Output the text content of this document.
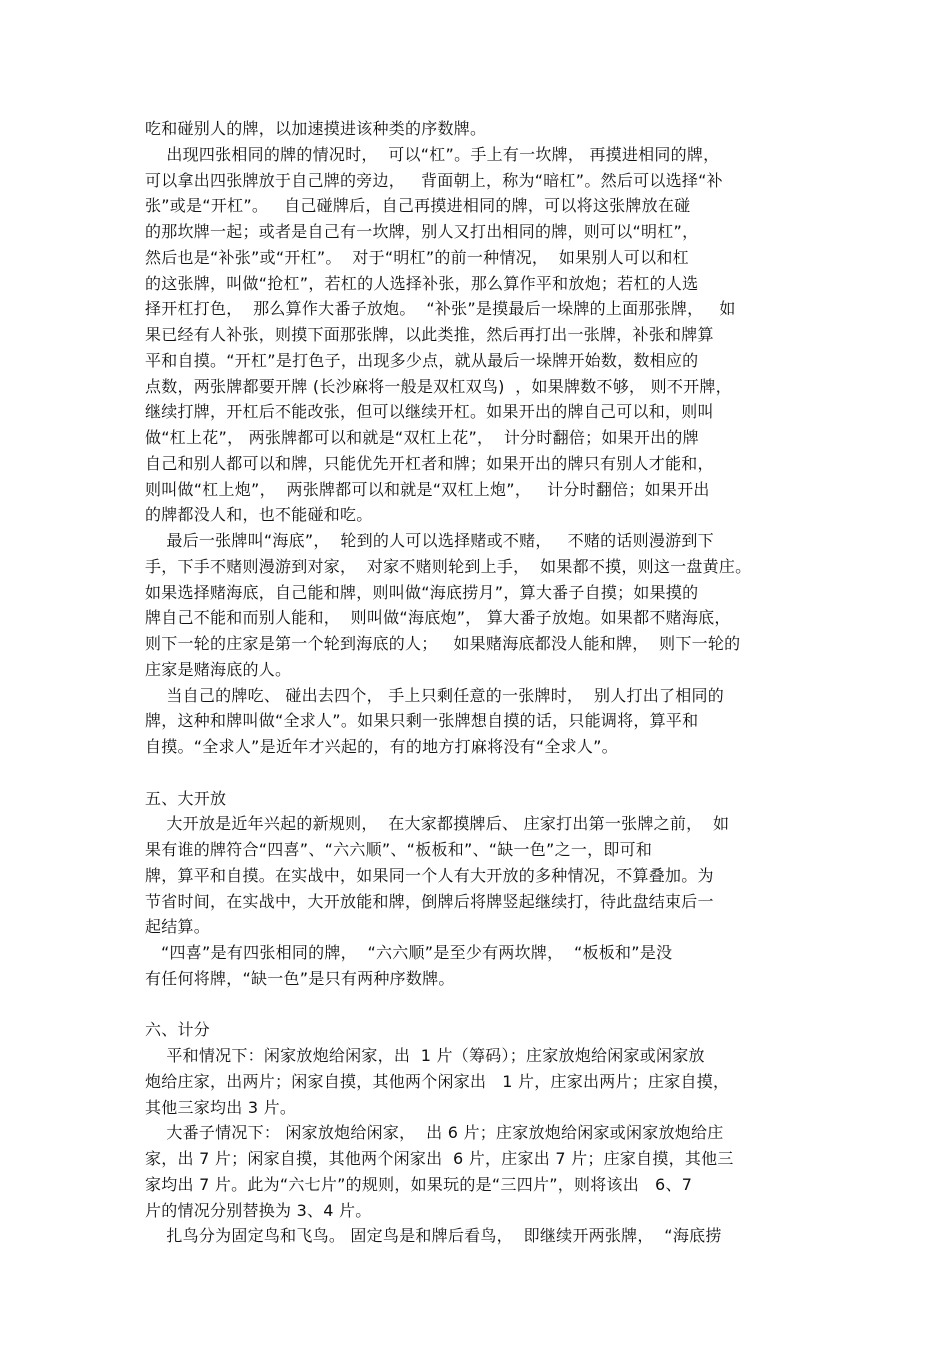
吃和碰别人的牌，以加速摸进该种类的序数牌。

出现四张相同的牌的情况时，  可以“杠”。手上有一坎牌， 再摸进相同的牌，

可以拿出四张牌放于自己牌的旁边，   背面朝上，称为“暗杠”。然后可以选择“补

张”或是“开杠”。   自己碰牌后，自己再摸进相同的牌，可以将这张牌放在碰

的那坎牌一起；或者是自己有一坎牌，别人又打出相同的牌，则可以“明杠”，

然后也是“补张”或“开杠”。  对于“明杠”的前一种情况，  如果别人可以和杠

的这张牌，叫做“抢杠”，若杠的人选择补张，那么算作平和放炮；若杠的人选

择开杠打色，  那么算作大番子放炮。  “补张”是摸最后一垛牌的上面那张牌，   如

果已经有人补张，则摸下面那张牌，以此类推，然后再打出一张牌，补张和牌算

平和自摸。“开杠”是打色子，出现多少点，就从最后一垛牌开始数，数相应的

点数，两张牌都要开牌 (长沙麻将一般是双杠双鸟)  ，如果牌数不够， 则不开牌，

继续打牌，开杠后不能改张，但可以继续开杠。如果开出的牌自己可以和，则叫

做“杠上花”， 两张牌都可以和就是“双杠上花”，  计分时翻倍；如果开出的牌

自己和别人都可以和牌，只能优先开杠者和牌；如果开出的牌只有别人才能和，

则叫做“杠上炮”，  两张牌都可以和就是“双杠上炮”，   计分时翻倍；如果开出

的牌都没人和，也不能碰和吃。

最后一张牌叫“海底”，  轮到的人可以选择赌或不赌，   不赌的话则漫游到下

手，下手不赌则漫游到对家，  对家不赌则轮到上手，  如果都不摸，则这一盘黄庄。

如果选择赌海底，自己能和牌，则叫做“海底捞月”，算大番子自摸；如果摸的

牌自己不能和而别人能和，  则叫做“海底炮”， 算大番子放炮。如果都不赌海底，

则下一轮的庄家是第一个轮到海底的人；   如果赌海底都没人能和牌，  则下一轮的

庄家是赌海底的人。

当自己的牌吃、 碰出去四个， 手上只剩任意的一张牌时，  别人打出了相同的

牌，这种和牌叫做“全求人”。如果只剩一张牌想自摸的话，只能调将，算平和

自摸。“全求人”是近年才兴起的，有的地方打麻将没有“全求人”。

五、大开放

大开放是近年兴起的新规则，  在大家都摸牌后、 庄家打出第一张牌之前，  如

果有谁的牌符合“四喜”、“六六顺”、“板板和”、“缺一色”之一，即可和

牌，算平和自摸。在实战中，如果同一个人有大开放的多种情况，不算叠加。为

节省时间，在实战中，大开放能和牌，倒牌后将牌竖起继续打，待此盘结束后一

起结算。

“四喜”是有四张相同的牌，  “六六顺”是至少有两坎牌，  “板板和”是没

有任何将牌，“缺一色”是只有两种序数牌。

六、计分

平和情况下：闲家放炮给闲家，出  1 片（筹码）；庄家放炮给闲家或闲家放

炮给庄家，出两片；闲家自摸，其他两个闲家出   1 片，庄家出两片；庄家自摸，

其他三家均出 3 片。

大番子情况下： 闲家放炮给闲家，  出 6 片；庄家放炮给闲家或闲家放炮给庄

家，出 7 片；闲家自摸，其他两个闲家出  6 片，庄家出 7 片；庄家自摸，其他三

家均出 7 片。此为“六七片”的规则，如果玩的是“三四片”，则将该出   6、7

片的情况分别替换为 3、4 片。

扎鸟分为固定鸟和飞鸟。 固定鸟是和牌后看鸟，  即继续开两张牌，  “海底捞
